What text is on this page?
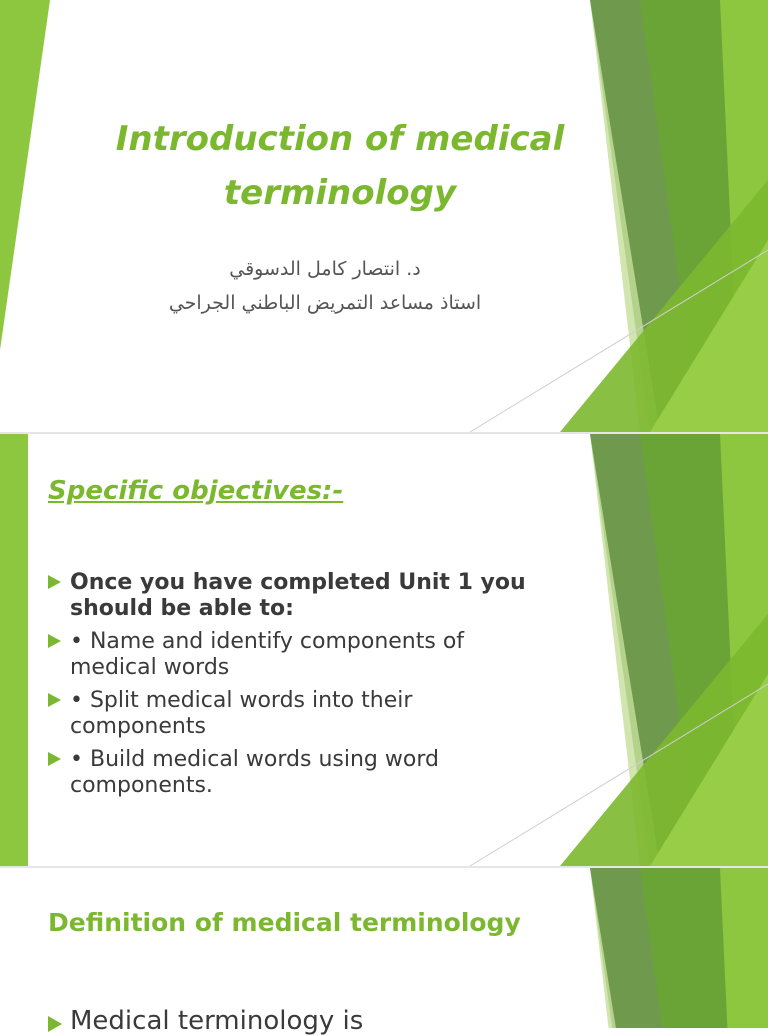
Introduction of medical terminology
د. انتصار كامل الدسوقي
استاذ مساعد التمريض الباطني الجراحي
Specific objectives:-
Once you have completed Unit 1 you should be able to:
• Name and identify components of medical words
• Split medical words into their components
• Build medical words using word components.
Definition of medical terminology
Medical terminology is
